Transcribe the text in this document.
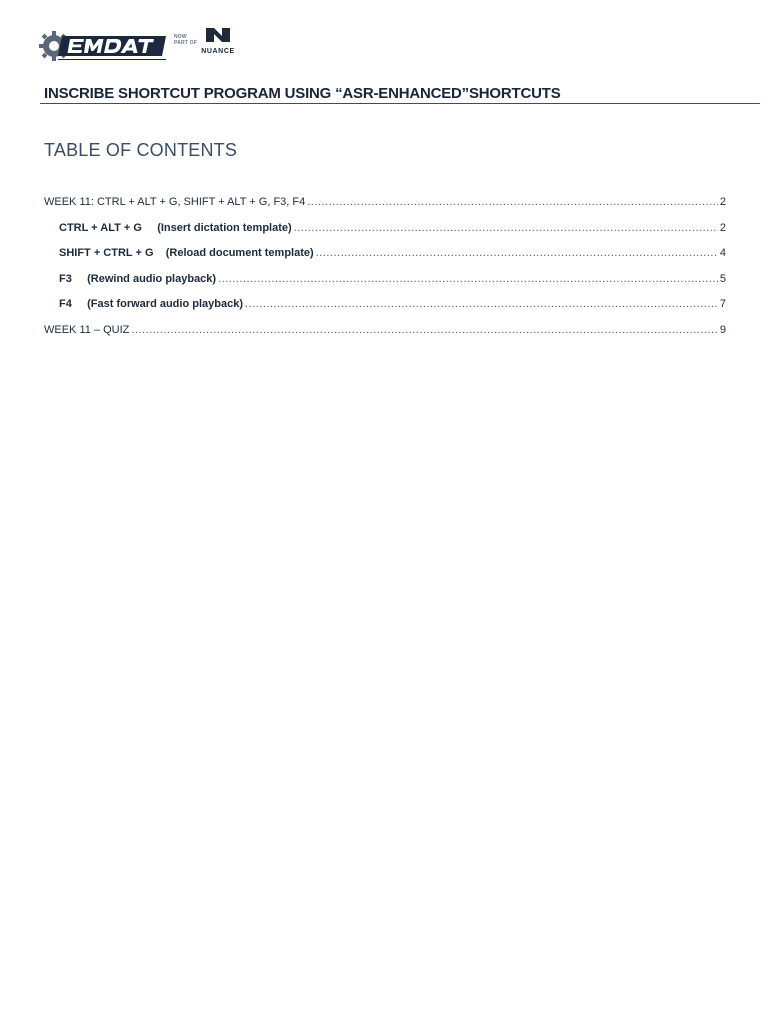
NOW
PART OF
NUANCE
INSCRIBE SHORTCUT PROGRAM USING “ASR-ENHANCED”SHORTCUTS
TABLE OF CONTENTS
WEEK 11: CTRL + ALT + G, SHIFT + ALT + G, F3, F4 .....	2
CTRL + ALT + G     (Insert dictation template) .....	2
SHIFT + CTRL + G    (Reload document template) .....	4
F3     (Rewind audio playback) .....	5
F4     (Fast forward audio playback) .....	7
WEEK 11 – QUIZ .....	9
